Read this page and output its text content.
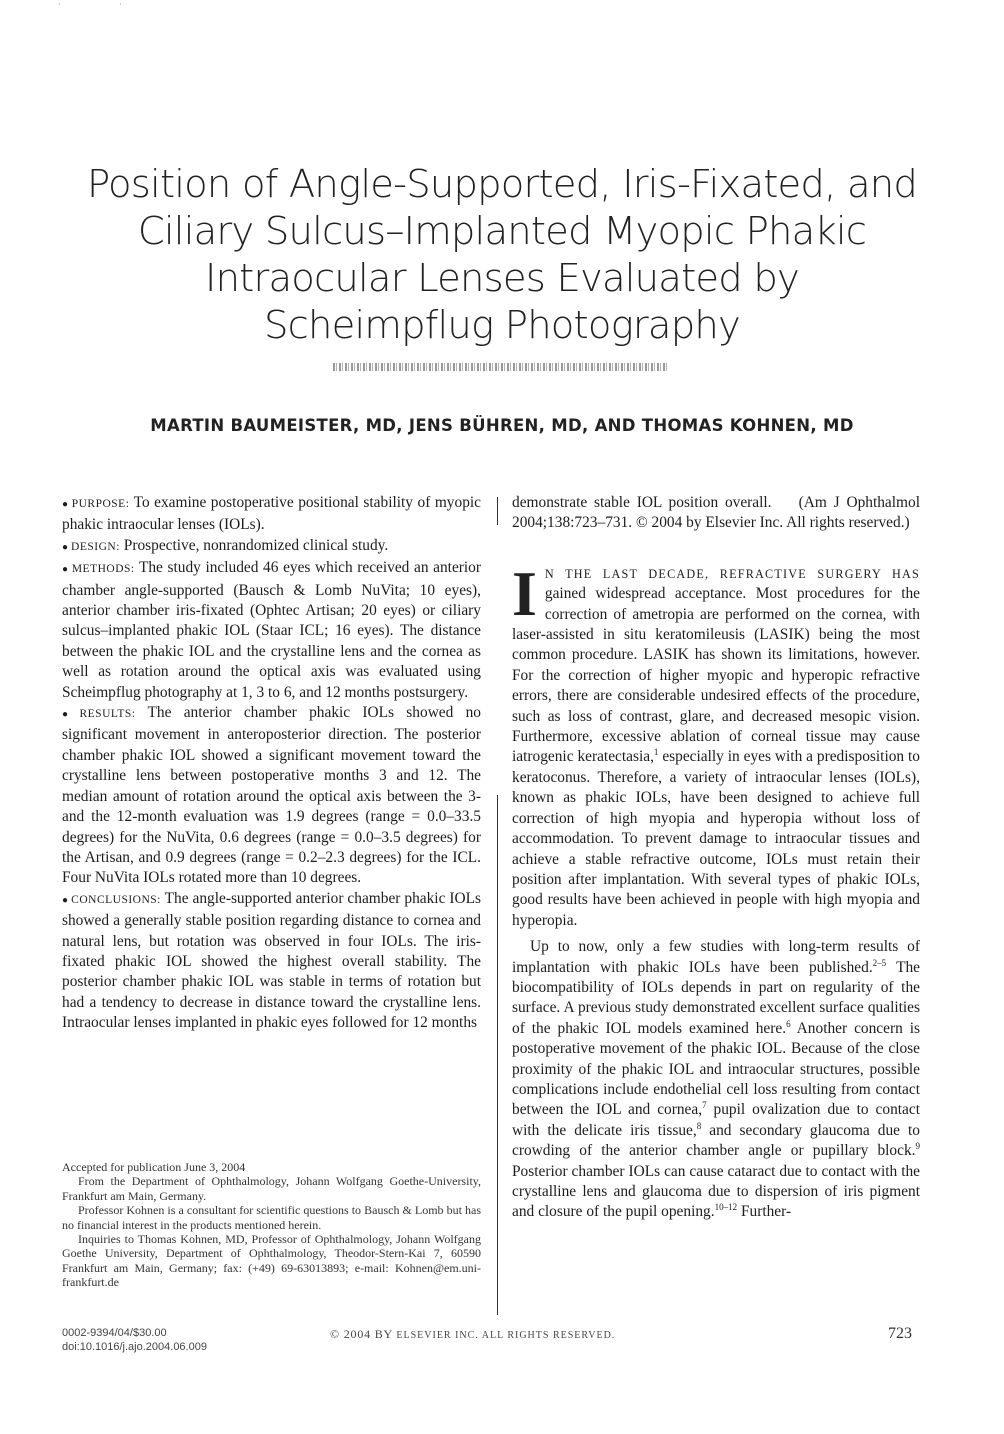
· ·
Position of Angle-Supported, Iris-Fixated, and
Ciliary Sulcus–Implanted Myopic Phakic
Intraocular Lenses Evaluated by
Scheimpflug Photography
MARTIN BAUMEISTER, MD, JENS BÜHREN, MD, AND THOMAS KOHNEN, MD

● PURPOSE: To examine postoperative positional stability of myopic phakic intraocular lenses (IOLs).

● DESIGN: Prospective, nonrandomized clinical study.

● METHODS: The study included 46 eyes which received an anterior chamber angle-supported (Bausch & Lomb NuVita; 10 eyes), anterior chamber iris-fixated (Ophtec Artisan; 20 eyes) or ciliary sulcus–implanted phakic IOL (Staar ICL; 16 eyes). The distance between the phakic IOL and the crystalline lens and the cornea as well as rotation around the optical axis was evaluated using Scheimpflug photography at 1, 3 to 6, and 12 months postsurgery.

● RESULTS: The anterior chamber phakic IOLs showed no significant movement in anteroposterior direction. The posterior chamber phakic IOL showed a significant movement toward the crystalline lens between postoperative months 3 and 12. The median amount of rotation around the optical axis between the 3- and the 12-month evaluation was 1.9 degrees (range = 0.0–33.5 degrees) for the NuVita, 0.6 degrees (range = 0.0–3.5 degrees) for the Artisan, and 0.9 degrees (range = 0.2–2.3 degrees) for the ICL. Four NuVita IOLs rotated more than 10 degrees.

● CONCLUSIONS: The angle-supported anterior chamber phakic IOLs showed a generally stable position regarding distance to cornea and natural lens, but rotation was observed in four IOLs. The iris-fixated phakic IOL showed the highest overall stability. The posterior chamber phakic IOL was stable in terms of rotation but had a tendency to decrease in distance toward the crystalline lens. Intraocular lenses implanted in phakic eyes followed for 12 months

Accepted for publication June 3, 2004

From the Department of Ophthalmology, Johann Wolfgang Goethe-University, Frankfurt am Main, Germany.

Professor Kohnen is a consultant for scientific questions to Bausch & Lomb but has no financial interest in the products mentioned herein.

Inquiries to Thomas Kohnen, MD, Professor of Ophthalmology, Johann Wolfgang Goethe University, Department of Ophthalmology, Theodor-Stern-Kai 7, 60590 Frankfurt am Main, Germany; fax: (+49) 69-63013893; e-mail: Kohnen@em.uni-frankfurt.de

demonstrate stable IOL position overall. (Am J Ophthalmol 2004;138:723–731. © 2004 by Elsevier Inc. All rights reserved.)

I N THE LAST DECADE, REFRACTIVE SURGERY HAS gained widespread acceptance. Most procedures for the correction of ametropia are performed on the cornea, with laser-assisted in situ keratomileusis (LASIK) being the most common procedure. LASIK has shown its limitations, however. For the correction of higher myopic and hyperopic refractive errors, there are considerable undesired effects of the procedure, such as loss of contrast, glare, and decreased mesopic vision. Furthermore, excessive ablation of corneal tissue may cause iatrogenic keratectasia,$^1$ especially in eyes with a predisposition to keratoconus. Therefore, a variety of intraocular lenses (IOLs), known as phakic IOLs, have been designed to achieve full correction of high myopia and hyperopia without loss of accommodation. To prevent damage to intraocular tissues and achieve a stable refractive outcome, IOLs must retain their position after implantation. With several types of phakic IOLs, good results have been achieved in people with high myopia and hyperopia.

Up to now, only a few studies with long-term results of implantation with phakic IOLs have been published.$^{2-5}$ The biocompatibility of IOLs depends in part on regularity of the surface. A previous study demonstrated excellent surface qualities of the phakic IOL models examined here.$^6$ Another concern is postoperative movement of the phakic IOL. Because of the close proximity of the phakic IOL and intraocular structures, possible complications include endothelial cell loss resulting from contact between the IOL and cornea,$^7$ pupil ovalization due to contact with the delicate iris tissue,$^8$ and secondary glaucoma due to crowding of the anterior chamber angle or pupillary block.$^9$ Posterior chamber IOLs can cause cataract due to contact with the crystalline lens and glaucoma due to dispersion of iris pigment and closure of the pupil opening.$^{10-12}$ Further-

0002-9394/04/$30.00
doi:10.1016/j.ajo.2004.06.009
© 2004 BY ELSEVIER INC. ALL RIGHTS RESERVED.	723
